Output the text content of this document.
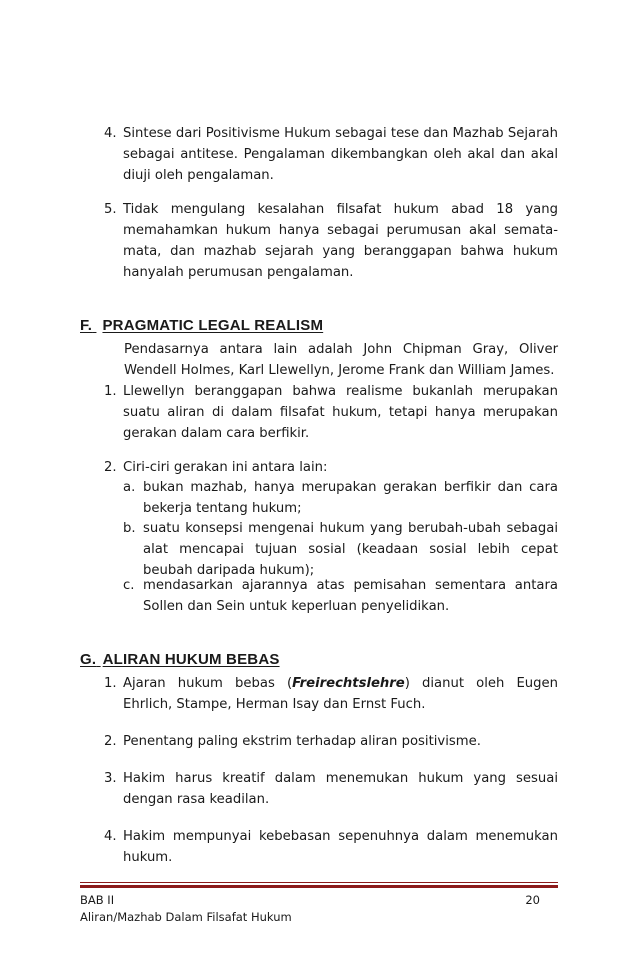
4. Sintese dari Positivisme Hukum sebagai tese dan Mazhab Sejarah sebagai antitese. Pengalaman dikembangkan oleh akal dan akal diuji oleh pengalaman.
5. Tidak mengulang kesalahan filsafat hukum abad 18 yang memahamkan hukum hanya sebagai perumusan akal semata-mata, dan mazhab sejarah yang beranggapan bahwa hukum hanyalah perumusan pengalaman.
F. PRAGMATIC LEGAL REALISM
Pendasarnya antara lain adalah John Chipman Gray, Oliver Wendell Holmes, Karl Llewellyn, Jerome Frank dan William James.
1. Llewellyn beranggapan bahwa realisme bukanlah merupakan suatu aliran di dalam filsafat hukum, tetapi hanya merupakan gerakan dalam cara berfikir.
2. Ciri-ciri gerakan ini antara lain:
a. bukan mazhab, hanya merupakan gerakan berfikir dan cara bekerja tentang hukum;
b. suatu konsepsi mengenai hukum yang berubah-ubah sebagai alat mencapai tujuan sosial (keadaan sosial lebih cepat beubah daripada hukum);
c. mendasarkan ajarannya atas pemisahan sementara antara Sollen dan Sein untuk keperluan penyelidikan.
G. ALIRAN HUKUM BEBAS
1. Ajaran hukum bebas (Freirechtslehre) dianut oleh Eugen Ehrlich, Stampe, Herman Isay dan Ernst Fuch.
2. Penentang paling ekstrim terhadap aliran positivisme.
3. Hakim harus kreatif dalam menemukan hukum yang sesuai dengan rasa keadilan.
4. Hakim mempunyai kebebasan sepenuhnya dalam menemukan hukum.
BAB II	20
Aliran/Mazhab Dalam Filsafat Hukum
